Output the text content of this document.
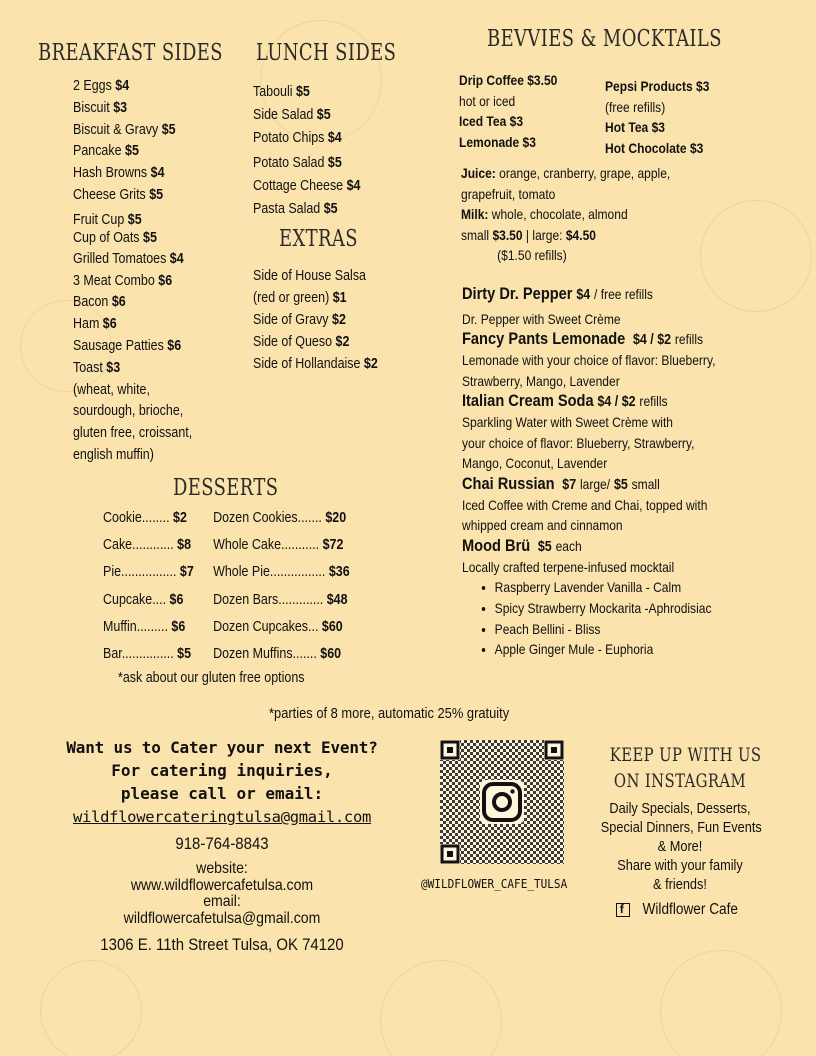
BREAKFAST SIDES
2 Eggs $4
Biscuit $3
Biscuit & Gravy $5
Pancake $5
Hash Browns $4
Cheese Grits $5
Fruit Cup $5
Cup of Oats $5
Grilled Tomatoes $4
3 Meat Combo $6
Bacon $6
Ham $6
Sausage Patties $6
Toast $3
(wheat, white,
sourdough, brioche,
gluten free, croissant,
english muffin)
LUNCH SIDES
Tabouli $5
Side Salad $5
Potato Chips $4
Potato Salad $5
Cottage Cheese $4
Pasta Salad $5
EXTRAS
Side of House Salsa
(red or green) $1
Side of Gravy $2
Side of Queso $2
Side of Hollandaise $2
BEVVIES & MOCKTAILS
Drip Coffee $3.50
hot or iced
Iced Tea $3
Lemonade $3
Pepsi Products $3
(free refills)
Hot Tea $3
Hot Chocolate $3
Juice: orange, cranberry, grape, apple,
grapefruit, tomato
Milk: whole, chocolate, almond
small $3.50 | large: $4.50
($1.50 refills)
Dirty Dr. Pepper $4 / free refills
Dr. Pepper with Sweet Crème
Fancy Pants Lemonade $4 / $2 refills
Lemonade with your choice of flavor: Blueberry,
Strawberry, Mango, Lavender
Italian Cream Soda $4 / $2 refills
Sparkling Water with Sweet Crème with
your choice of flavor: Blueberry, Strawberry,
Mango, Coconut, Lavender
Chai Russian $7 large/ $5 small
Iced Coffee with Creme and Chai, topped with
whipped cream and cinnamon
Mood Brü $5 each
Locally crafted terpene-infused mocktail
• Raspberry Lavender Vanilla - Calm
• Spicy Strawberry Mockarita -Aphrodisiac
• Peach Bellini - Bliss
• Apple Ginger Mule - Euphoria
DESSERTS
Cookie........ $2
Cake............ $8
Pie................ $7
Cupcake.... $6
Muffin......... $6
Bar............... $5
Dozen Cookies....... $20
Whole Cake........... $72
Whole Pie................ $36
Dozen Bars............. $48
Dozen Cupcakes... $60
Dozen Muffins....... $60
*ask about our gluten free options
*parties of 8 more, automatic 25% gratuity
Want us to Cater your next Event?
For catering inquiries,
please call or email:
wildflowercateringtulsa@gmail.com
918-764-8843
website:
www.wildflowercafetulsa.com
email:
wildflowercafetulsa@gmail.com
1306 E. 11th Street Tulsa, OK 74120
@WILDFLOWER_CAFE_TULSA
KEEP UP WITH US
ON INSTAGRAM
Daily Specials, Desserts,
Special Dinners, Fun Events
& More!
Share with your family
& friends!
f Wildflower Cafe
